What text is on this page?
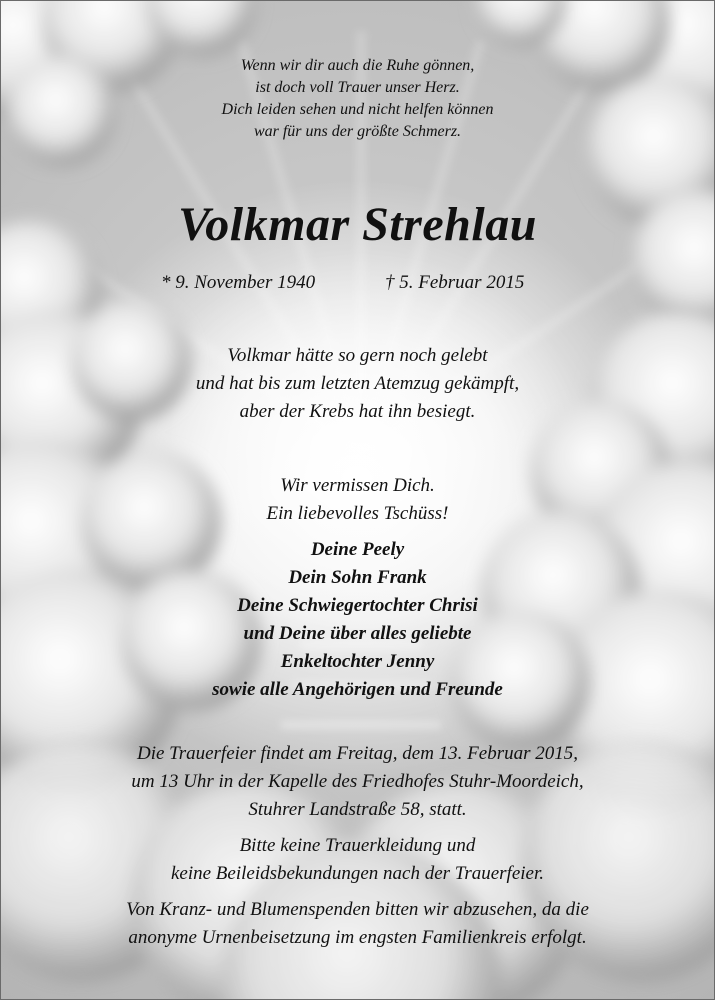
Wenn wir dir auch die Ruhe gönnen,
ist doch voll Trauer unser Herz.
Dich leiden sehen und nicht helfen können
war für uns der größte Schmerz.
Volkmar Strehlau
* 9. November 1940	† 5. Februar 2015
Volkmar hätte so gern noch gelebt
und hat bis zum letzten Atemzug gekämpft,
aber der Krebs hat ihn besiegt.
Wir vermissen Dich.
Ein liebevolles Tschüss!
Deine Peely
Dein Sohn Frank
Deine Schwiegertochter Chrisi
und Deine über alles geliebte
Enkeltochter Jenny
sowie alle Angehörigen und Freunde
Die Trauerfeier findet am Freitag, dem 13. Februar 2015,
um 13 Uhr in der Kapelle des Friedhofes Stuhr-Moordeich,
Stuhrer Landstraße 58, statt.
Bitte keine Trauerkleidung und
keine Beileidsbekundungen nach der Trauerfeier.
Von Kranz- und Blumenspenden bitten wir abzusehen, da die
anonyme Urnenbeisetzung im engsten Familienkreis erfolgt.
